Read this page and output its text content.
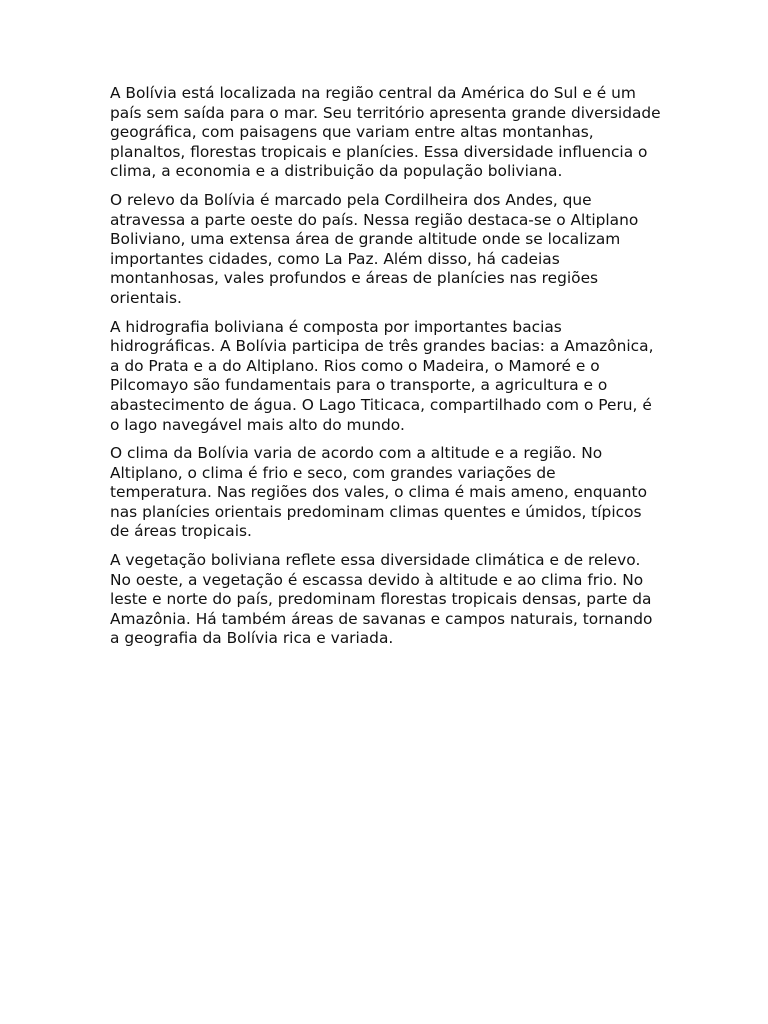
A Bolívia está localizada na região central da América do Sul e é um país sem saída para o mar. Seu território apresenta grande diversidade geográfica, com paisagens que variam entre altas montanhas, planaltos, florestas tropicais e planícies. Essa diversidade influencia o clima, a economia e a distribuição da população boliviana.

O relevo da Bolívia é marcado pela Cordilheira dos Andes, que atravessa a parte oeste do país. Nessa região destaca-se o Altiplano Boliviano, uma extensa área de grande altitude onde se localizam importantes cidades, como La Paz. Além disso, há cadeias montanhosas, vales profundos e áreas de planícies nas regiões orientais.

A hidrografia boliviana é composta por importantes bacias hidrográficas. A Bolívia participa de três grandes bacias: a Amazônica, a do Prata e a do Altiplano. Rios como o Madeira, o Mamoré e o Pilcomayo são fundamentais para o transporte, a agricultura e o abastecimento de água. O Lago Titicaca, compartilhado com o Peru, é o lago navegável mais alto do mundo.

O clima da Bolívia varia de acordo com a altitude e a região. No Altiplano, o clima é frio e seco, com grandes variações de temperatura. Nas regiões dos vales, o clima é mais ameno, enquanto nas planícies orientais predominam climas quentes e úmidos, típicos de áreas tropicais.

A vegetação boliviana reflete essa diversidade climática e de relevo. No oeste, a vegetação é escassa devido à altitude e ao clima frio. No leste e norte do país, predominam florestas tropicais densas, parte da Amazônia. Há também áreas de savanas e campos naturais, tornando a geografia da Bolívia rica e variada.
